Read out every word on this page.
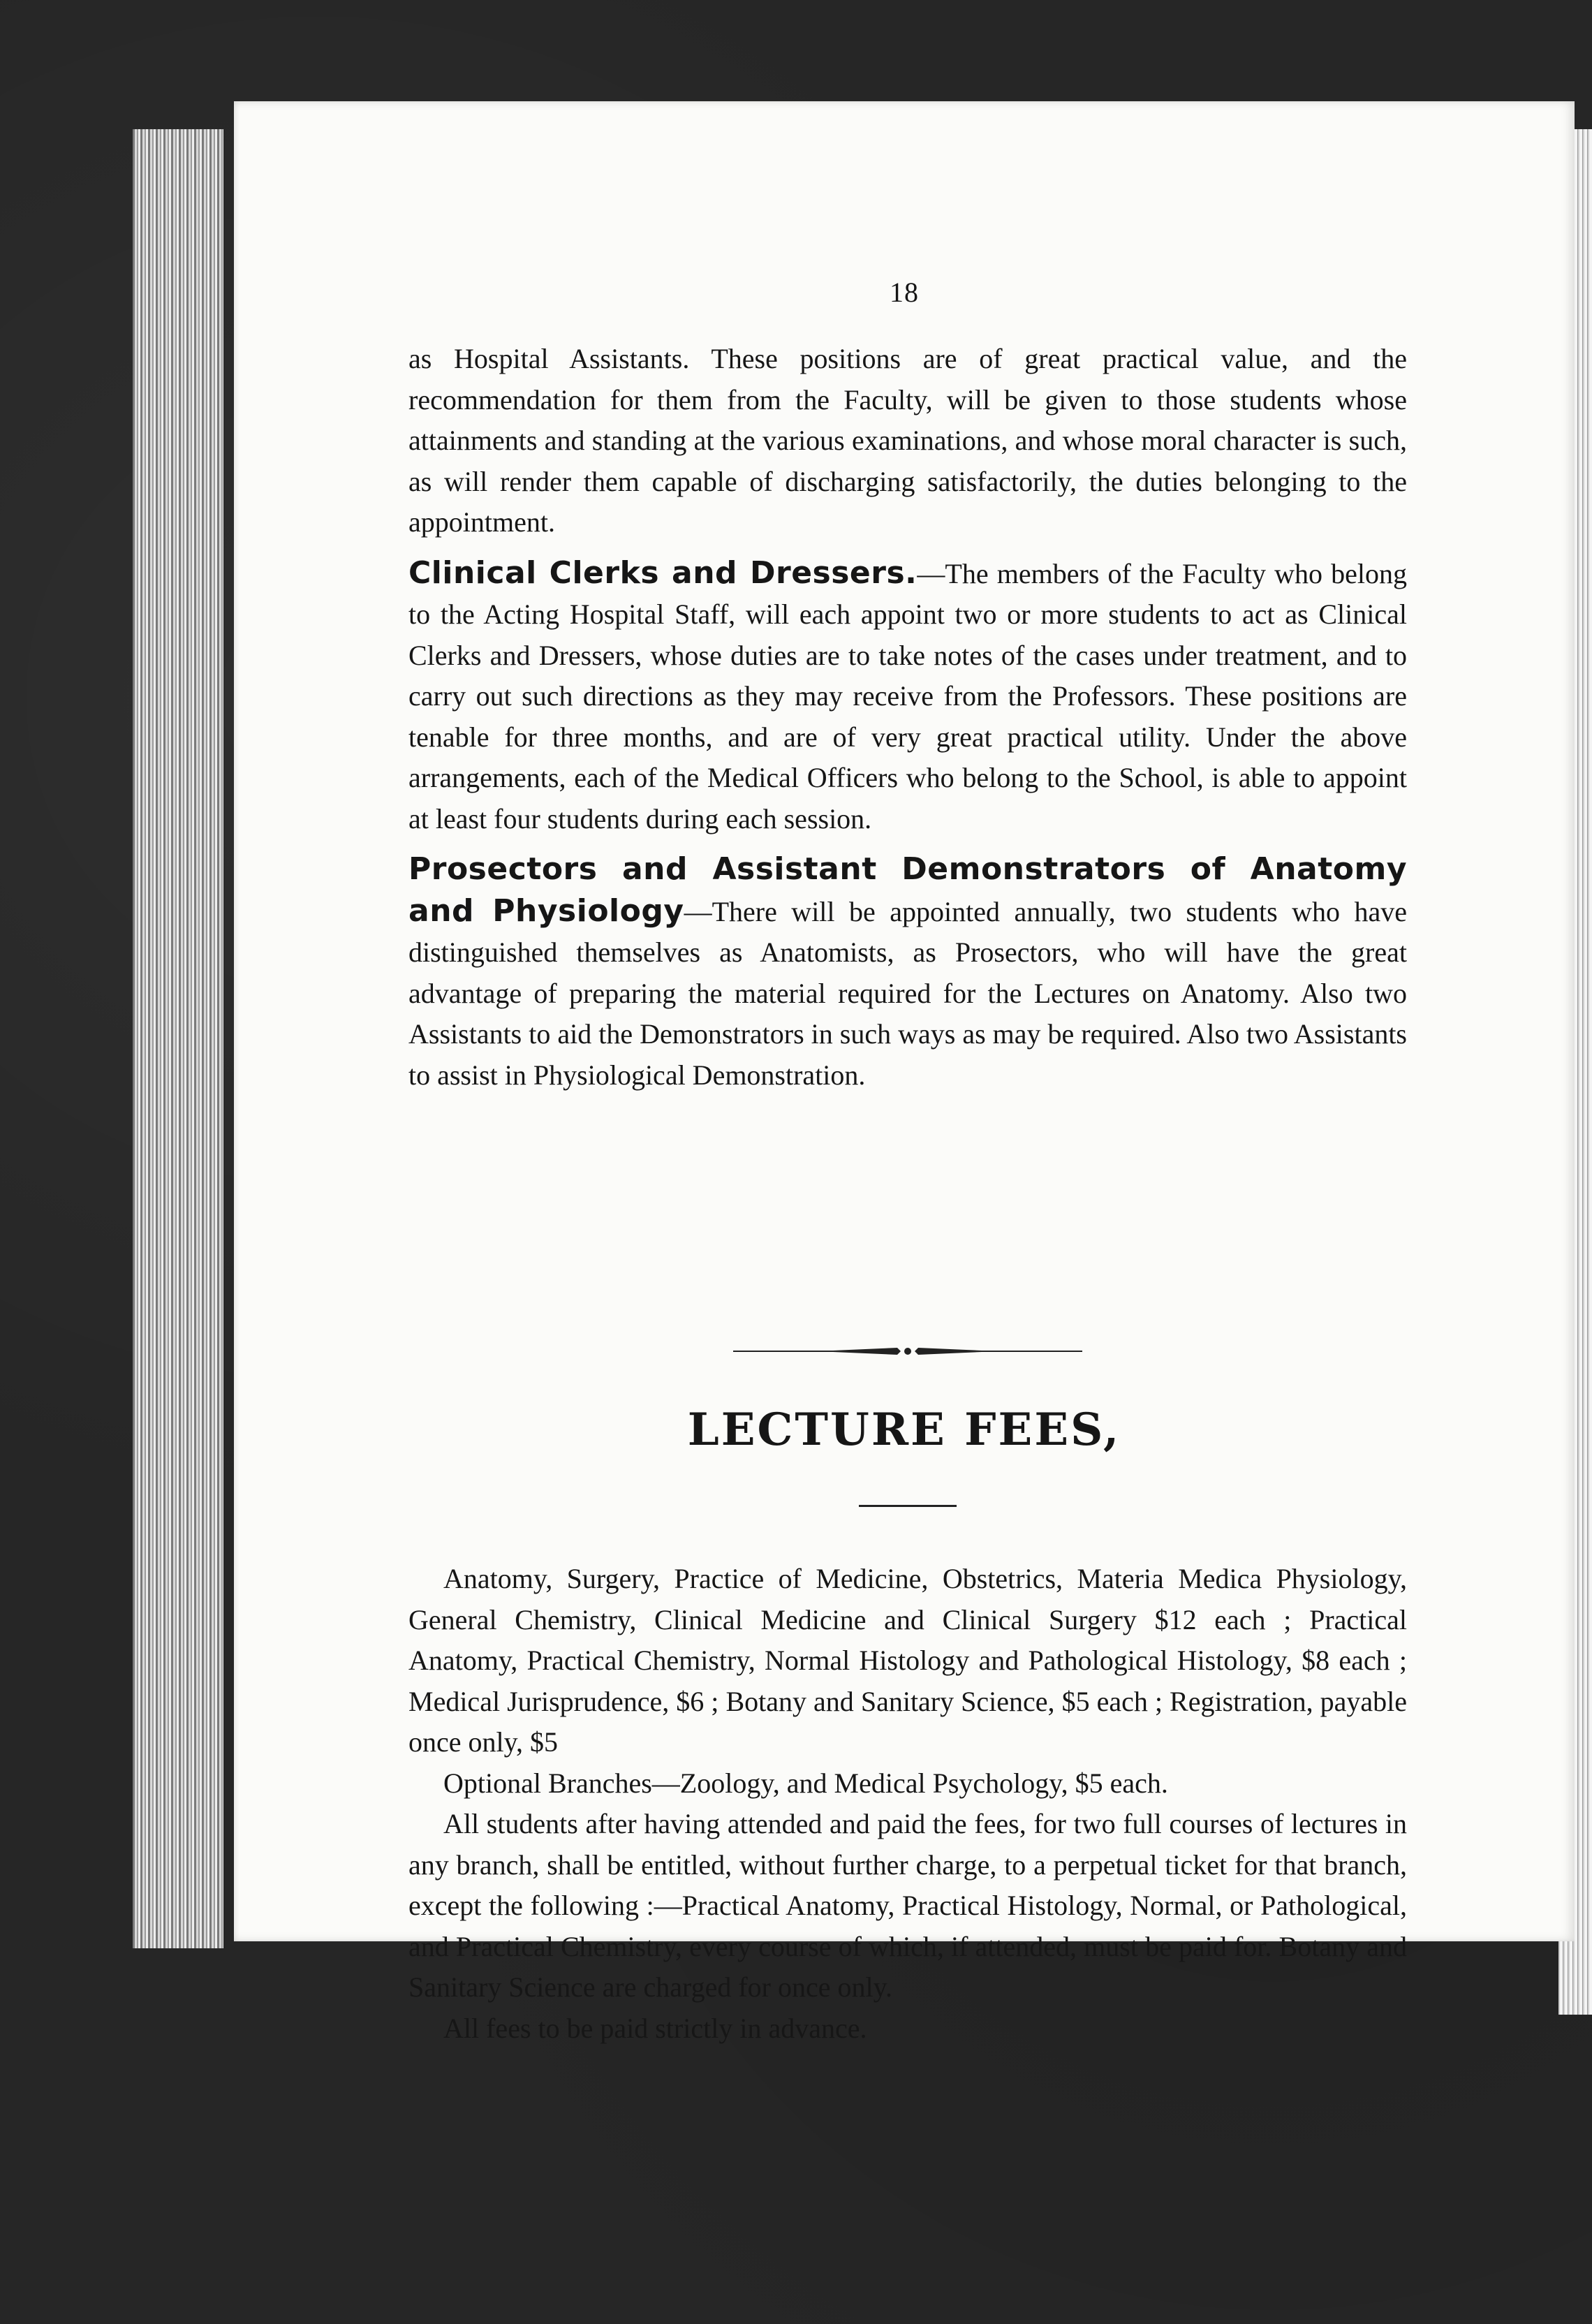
18

as Hospital Assistants. These positions are of great practical value, and the recommendation for them from the Faculty, will be given to those students whose attainments and standing at the various examinations, and whose moral character is such, as will render them capable of discharging satisfactorily, the duties belonging to the appointment.

Clinical Clerks and Dressers.—The members of the Faculty who belong to the Acting Hospital Staff, will each appoint two or more students to act as Clinical Clerks and Dressers, whose duties are to take notes of the cases under treatment, and to carry out such directions as they may receive from the Professors. These positions are tenable for three months, and are of very great practical utility. Under the above arrangements, each of the Medical Officers who belong to the School, is able to appoint at least four students during each session.

Prosectors and Assistant Demonstrators of Anatomy and Physiology—There will be appointed annually, two students who have distinguished themselves as Anatomists, as Prosectors, who will have the great advantage of preparing the material required for the Lectures on Anatomy. Also two Assistants to aid the Demonstrators in such ways as may be required. Also two Assistants to assist in Physiological Demonstration.

LECTURE FEES,

Anatomy, Surgery, Practice of Medicine, Obstetrics, Materia Medica Physiology, General Chemistry, Clinical Medicine and Clinical Surgery $12 each ; Practical Anatomy, Practical Chemistry, Normal Histology and Pathological Histology, $8 each ; Medical Jurisprudence, $6 ; Botany and Sanitary Science, $5 each ; Registration, payable once only, $5

Optional Branches—Zoology, and Medical Psychology, $5 each.

All students after having attended and paid the fees, for two full courses of lectures in any branch, shall be entitled, without further charge, to a perpetual ticket for that branch, except the following :—Practical Anatomy, Practical Histology, Normal, or Pathological, and Practical Chemistry, every course of which, if attended, must be paid for. Botany and Sanitary Science are charged for once only.

All fees to be paid strictly in advance.
